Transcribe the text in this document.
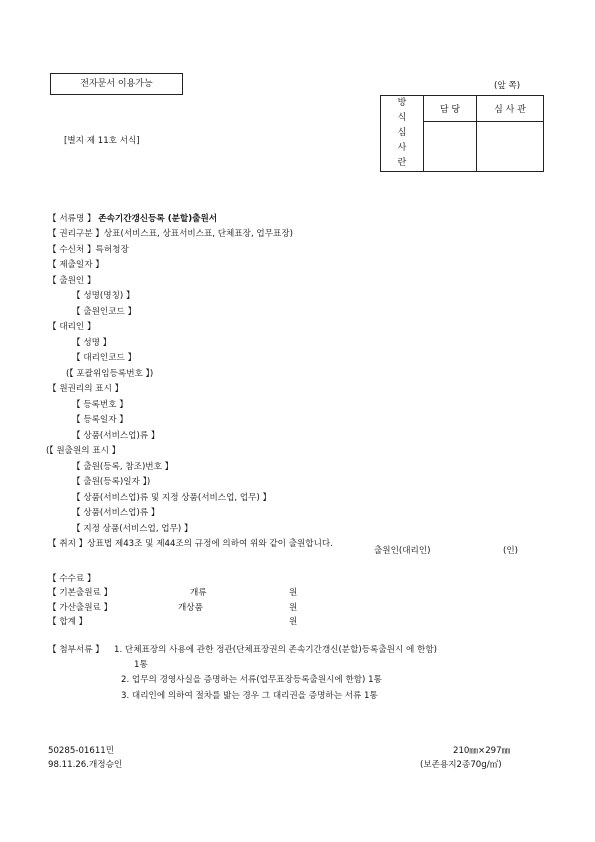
전자문서 이용가능	(앞 쪽)
[별지 제 11호 서식]
방
식
심
사
란	담 당	심 사 관

【 서류명 】 존속기간갱신등록 (분할)출원서
【 권리구분 】상표(서비스표, 상표서비스표, 단체표장, 업무표장)
【 수신처 】특허청장
【 제출일자 】
【 출원인 】
【 성명(명칭) 】
【 출원인코드 】
【 대리인 】
【 성명 】
【 대리인코드 】
(【 포괄위임등록번호 】)
【 원권리의 표시 】
【 등록번호 】
【 등록일자 】
【 상품(서비스업)류 】
(【 원출원의 표시 】
【 출원(등록, 참조)번호 】
【 출원(등록)일자 】)
【 상품(서비스업)류 및 지정 상품(서비스업, 업무) 】
【 상품(서비스업)류 】
【 지정 상품(서비스업, 업무) 】
【 취지 】상표법 제43조 및 제44조의 규정에 의하여 위와 같이 출원합니다.
출원인(대리인)	(인)
【 수수료 】
【 기본출원료 】	개류	원
【 가산출원료 】	개상품	원
【 합계 】	원
【 첨부서류 】 1. 단체표장의 사용에 관한 정관(단체표장권의 존속기간갱신(분할)등록출원시 에 한함)
1통
2. 업무의 경영사실을 증명하는 서류(업무표장등록출원시에 한함) 1통
3. 대리인에 의하여 절차를 밟는 경우 그 대리권을 증명하는 서류 1통
50285-01611민
98.11.26.개정승인
210㎜×297㎜
(보존용지2종70g/㎡)
